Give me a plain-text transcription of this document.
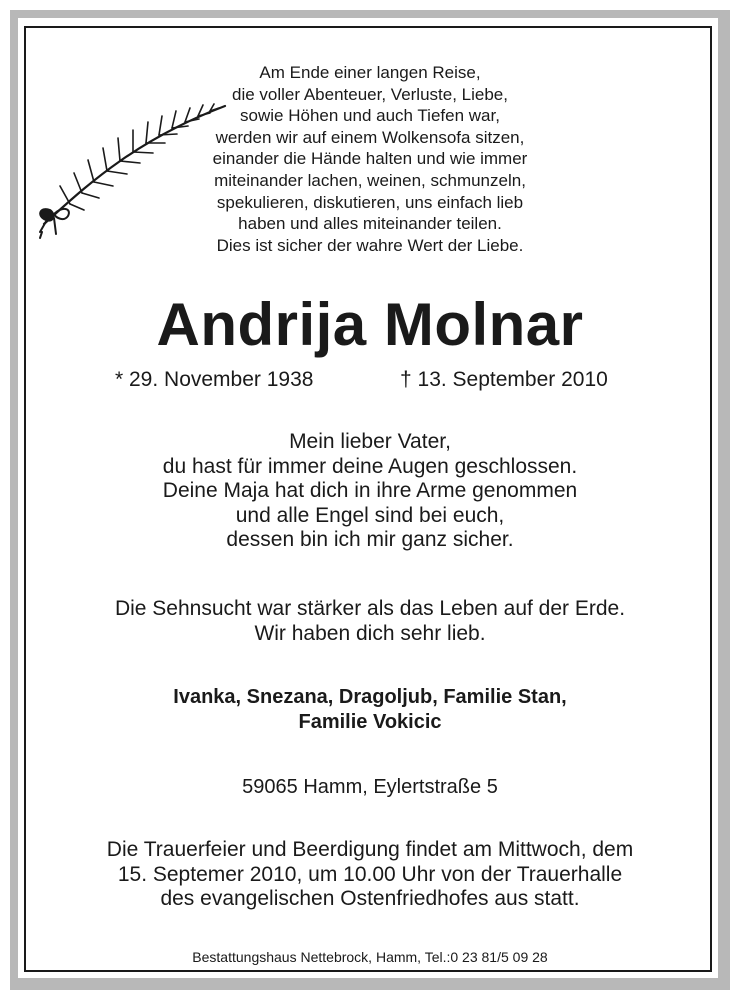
Am Ende einer langen Reise,
die voller Abenteuer, Verluste, Liebe,
sowie Höhen und auch Tiefen war,
werden wir auf einem Wolkensofa sitzen,
einander die Hände halten und wie immer
miteinander lachen, weinen, schmunzeln,
spekulieren, diskutieren, uns einfach lieb
haben und alles miteinander teilen.
Dies ist sicher der wahre Wert der Liebe.
Andrija Molnar
* 29. November 1938	† 13. September 2010
Mein lieber Vater,
du hast für immer deine Augen geschlossen.
Deine Maja hat dich in ihre Arme genommen
und alle Engel sind bei euch,
dessen bin ich mir ganz sicher.
Die Sehnsucht war stärker als das Leben auf der Erde.
Wir haben dich sehr lieb.
Ivanka, Snezana, Dragoljub, Familie Stan,
Familie Vokicic
59065 Hamm, Eylertstraße 5
Die Trauerfeier und Beerdigung findet am Mittwoch, dem
15. Septemer 2010, um 10.00 Uhr von der Trauerhalle
des evangelischen Ostenfriedhofes aus statt.
Bestattungshaus Nettebrock, Hamm, Tel.:0 23 81/5 09 28
